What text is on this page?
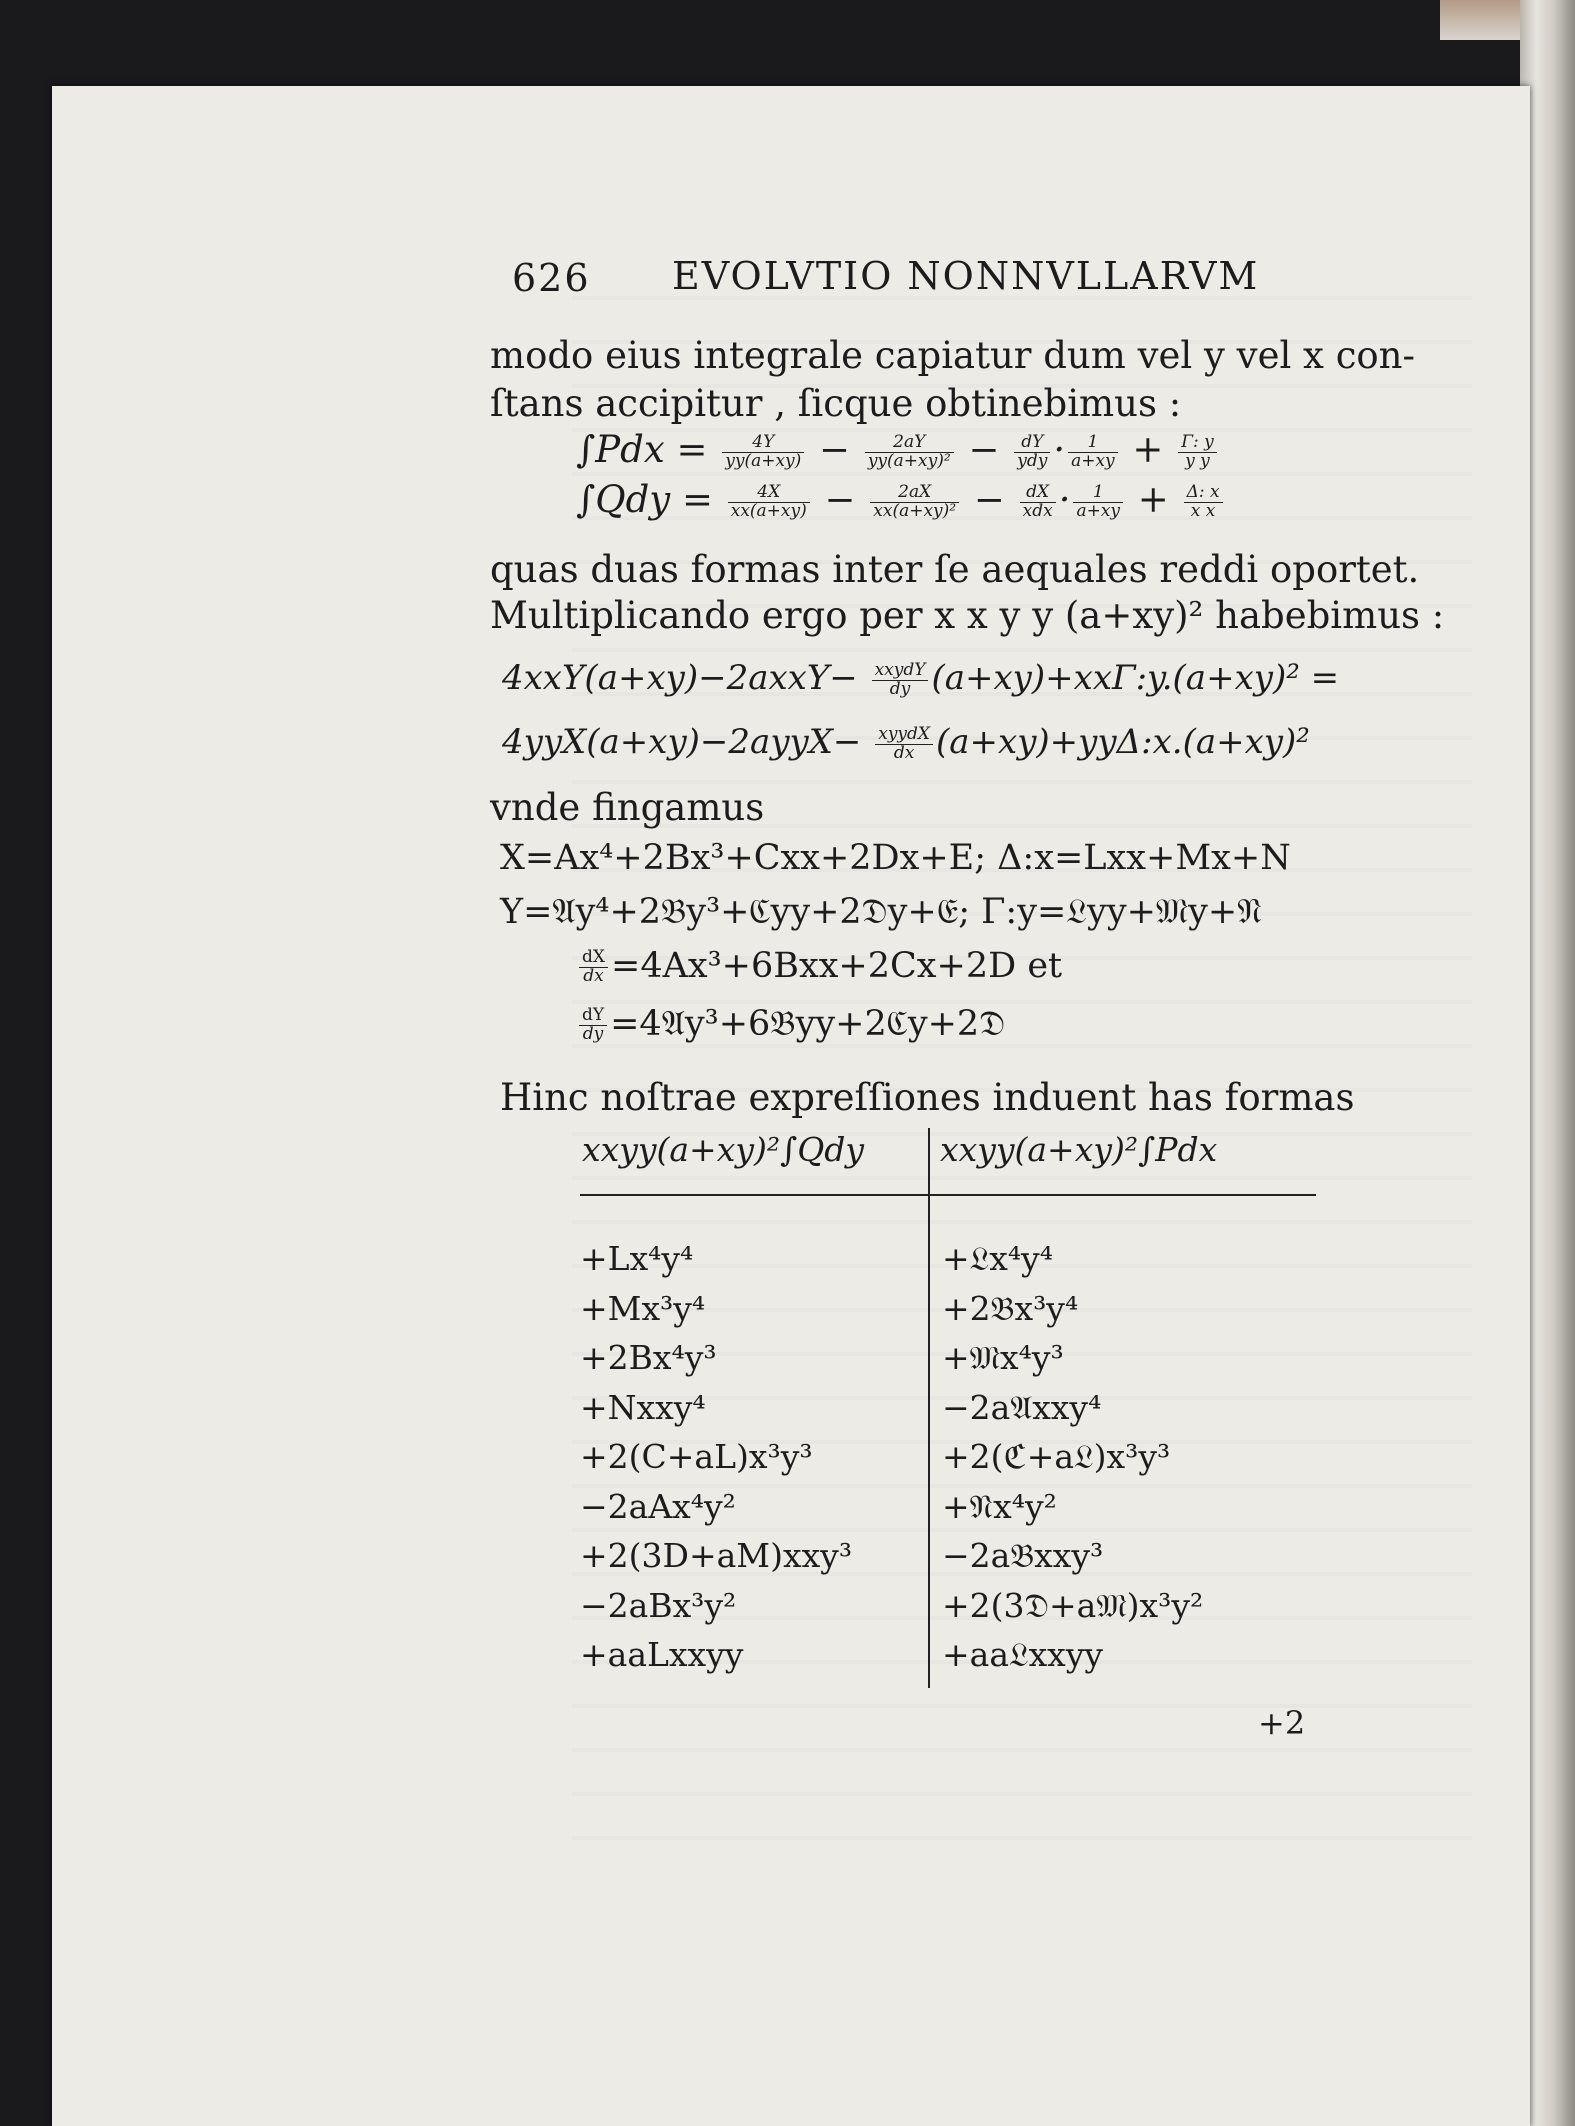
626 EVOLVTIO NONNVLLARVM
modo eius integrale capiatur dum vel y vel x con-
ſtans accipitur , ſicque obtinebimus :
$\int Pdx = \frac{4Y}{yy(a+xy)} - \frac{2aY}{\text{yy(a+xy)²}} - \frac{dY}{\text{ydy}} \cdot \frac{1}{a+xy} + \frac{\Gamma: y}{\text{y y}}$
$\int Qdy = \frac{4X}{xx(a+xy)} - \frac{2aX}{\text{xx(a+xy)²}} - \frac{dX}{\text{xdx}} \cdot \frac{1}{a+xy} + \frac{\Delta: x}{\text{x x}}$
quas duas formas inter ſe aequales reddi oportet.
Multiplicando ergo per x x y y (a+xy)² habebimus :
4xxY(a+xy)−2axxY− $\frac{\text{xxydY}}{dy}$ (a+xy)+xxΓ:y.(a+xy)² =
4yyX(a+xy)−2ayyX− $\frac{\text{xyydX}}{dx}$ (a+xy)+yyΔ:x.(a+xy)²
vnde fingamus
X=Ax⁴+2Bx³+Cxx+2Dx+E; Δ:x=Lxx+Mx+N
Y=𝔄y⁴+2𝔅y³+ℭyy+2𝔇y+𝔈; Γ:y=𝔏yy+𝔐y+𝔑
$\frac{dX}{dx} =4Ax^3+6Bxx+2Cx+2D$ et
$\frac{dY}{dy}$ =4𝔄y³+6𝔅yy+2ℭy+2𝔇
Hinc noſtrae expreſſiones induent has formas
xxyy(a+xy)²∫Qdy xxyy(a+xy)²∫Pdx
+Lx⁴y⁴
+Mx³y⁴
+2Bx⁴y³
+Nxxy⁴
+2(C+aL)x³y³
−2aAx⁴y²
+2(3D+aM)xxy³
−2aBx³y²
+aaLxxyy
+𝔏x⁴y⁴
+2𝔅x³y⁴
+𝔐x⁴y³
−2a𝔄xxy⁴
+2(ℭ+a𝔏)x³y³
+𝔑x⁴y²
−2a𝔅xxy³
+2(3𝔇+a𝔐)x³y²
+aa𝔏xxyy
+2
